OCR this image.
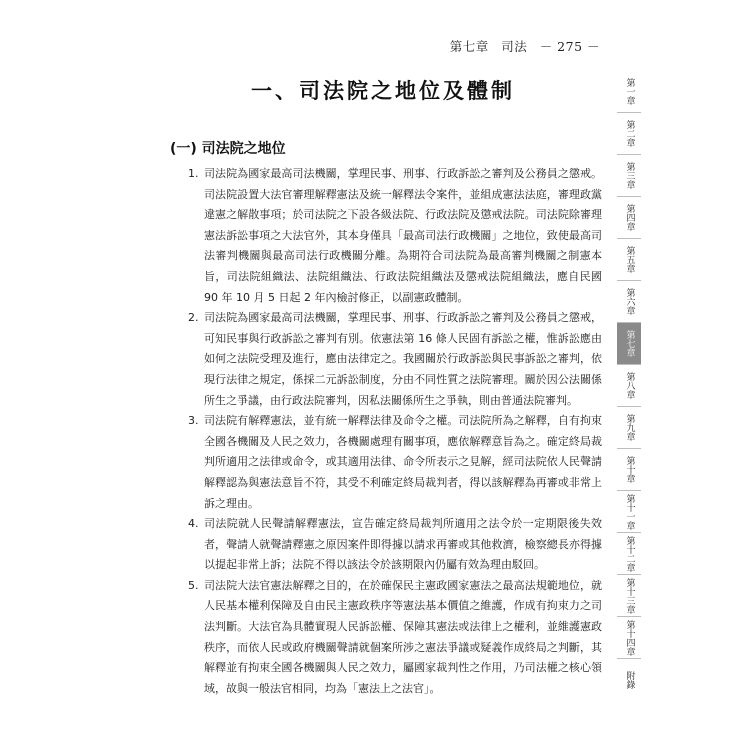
第七章 司法 － 275 －
一、司法院之地位及體制
(一) 司法院之地位
1. 司法院為國家最高司法機關，掌理民事、刑事、行政訴訟之審判及公務員之懲戒。司法院設置大法官審理解釋憲法及統一解釋法令案件，並組成憲法法庭，審理政黨違憲之解散事項；於司法院之下設各級法院、行政法院及懲戒法院。司法院除審理憲法訴訟事項之大法官外，其本身僅具「最高司法行政機關」之地位，致使最高司法審判機關與最高司法行政機關分離。為期符合司法院為最高審判機關之制憲本旨，司法院組織法、法院組織法、行政法院組織法及懲戒法院組織法，應自民國 90 年 10 月 5 日起 2 年內檢討修正，以副憲政體制。
2. 司法院為國家最高司法機關，掌理民事、刑事、行政訴訟之審判及公務員之懲戒，可知民事與行政訴訟之審判有別。依憲法第 16 條人民固有訴訟之權，惟訴訟應由如何之法院受理及進行，應由法律定之。我國關於行政訴訟與民事訴訟之審判，依現行法律之規定，係採二元訴訟制度，分由不同性質之法院審理。關於因公法關係所生之爭議，由行政法院審判，因私法關係所生之爭執，則由普通法院審判。
3. 司法院有解釋憲法，並有統一解釋法律及命令之權。司法院所為之解釋，自有拘束全國各機關及人民之效力，各機關處理有關事項，應依解釋意旨為之。確定終局裁判所適用之法律或命令，或其適用法律、命令所表示之見解，經司法院依人民聲請解釋認為與憲法意旨不符，其受不利確定終局裁判者，得以該解釋為再審或非常上訴之理由。
4. 司法院就人民聲請解釋憲法，宣告確定終局裁判所適用之法令於一定期限後失效者，聲請人就聲請釋憲之原因案件即得據以請求再審或其他救濟，檢察總長亦得據以提起非常上訴；法院不得以該法令於該期限內仍屬有效為理由駁回。
5. 司法院大法官憲法解釋之目的，在於確保民主憲政國家憲法之最高法規範地位，就人民基本權利保障及自由民主憲政秩序等憲法基本價值之維護，作成有拘束力之司法判斷。大法官為具體實現人民訴訟權、保障其憲法或法律上之權利，並維護憲政秩序，而依人民或政府機關聲請就個案所涉之憲法爭議或疑義作成終局之判斷，其解釋並有拘束全國各機關與人民之效力，屬國家裁判性之作用，乃司法權之核心領域，故與一般法官相同，均為「憲法上之法官」。
第一章
第二章
第三章
第四章
第五章
第六章
第七章
第八章
第九章
第十章
第十一章
第十二章
第十三章
第十四章
附錄
